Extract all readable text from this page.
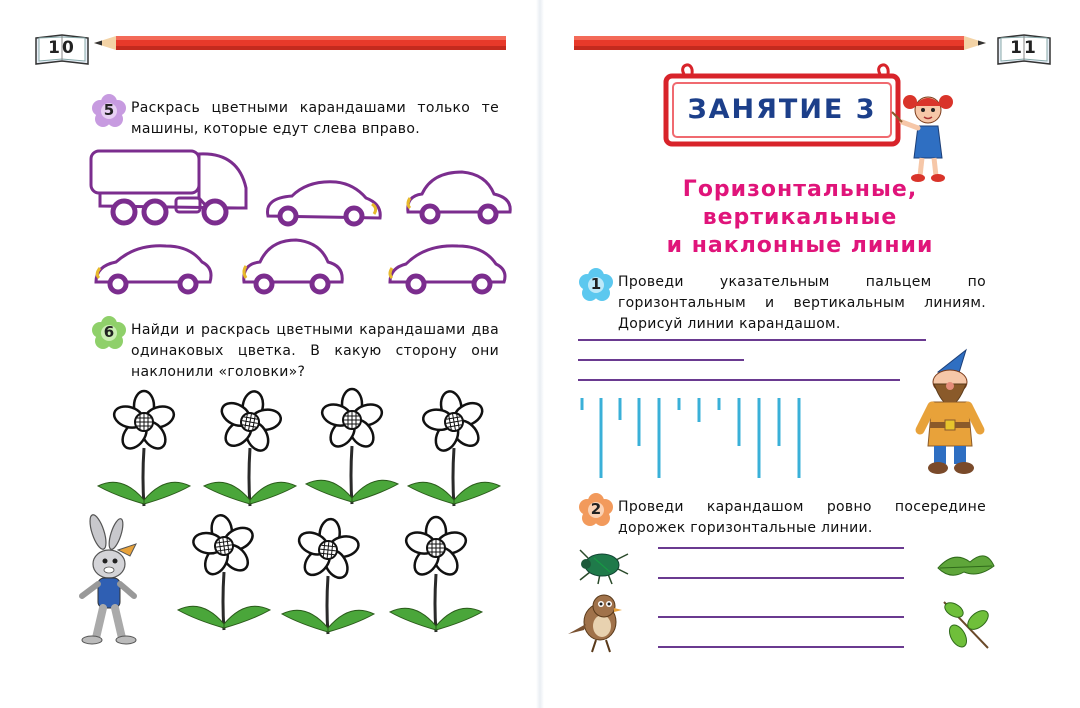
10	11
5	Раскрась цветными карандашами только те машины, которые едут слева вправо.
6	Найди и раскрась цветными карандашами два одинаковых цветка. В какую сторону они наклонили «головки»?
ЗАНЯТИЕ 3
Горизонтальные,
вертикальные
и наклонные линии
1	Проведи указательным пальцем по горизонтальным и вертикальным линиям. Дорисуй линии карандашом.
2	Проведи карандашом ровно посередине дорожек горизонтальные линии.
